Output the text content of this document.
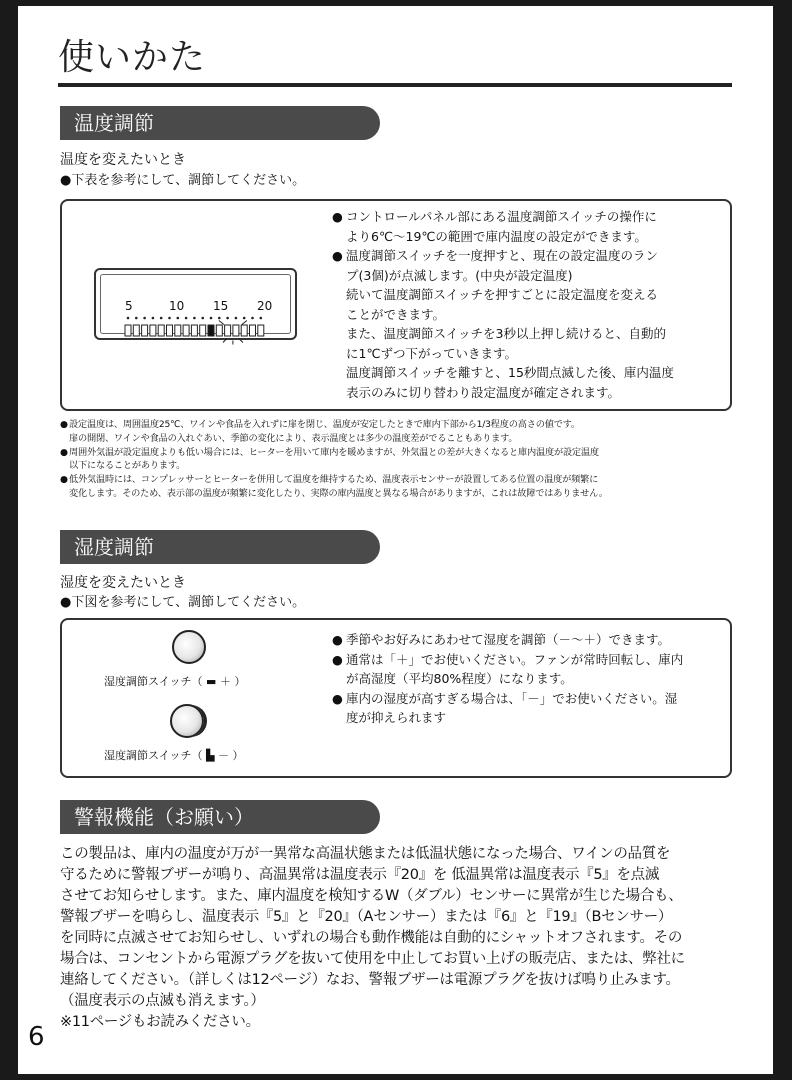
使いかた
温度調節
温度を変えたいとき
●下表を参考にして、調節してください。
5	10 15 20
● コントロールパネル部にある温度調節スイッチの操作に
より6℃～19℃の範囲で庫内温度の設定ができます。
● 温度調節スイッチを一度押すと、現在の設定温度のラン
プ(3個)が点滅します。(中央が設定温度)
続いて温度調節スイッチを押すごとに設定温度を変える
ことができます。
また、温度調節スイッチを3秒以上押し続けると、自動的
に1℃ずつ下がっていきます。
温度調節スイッチを離すと、15秒間点滅した後、庫内温度
表示のみに切り替わり設定温度が確定されます。
● 設定温度は、周囲温度25℃、ワインや食品を入れずに扉を閉じ、温度が安定したときで庫内下部から1/3程度の高さの値です。
扉の開閉、ワインや食品の入れぐあい、季節の変化により、表示温度とは多少の温度差がでることもあります。
● 周囲外気温が設定温度よりも低い場合には、ヒーターを用いて庫内を暖めますが、外気温との差が大きくなると庫内温度が設定温度
以下になることがあります。
● 低外気温時には、コンプレッサーとヒーターを併用して温度を維持するため、温度表示センサーが設置してある位置の温度が頻繁に
変化します。そのため、表示部の温度が頻繁に変化したり、実際の庫内温度と異なる場合がありますが、これは故障ではありません。
湿度調節
湿度を変えたいとき
●下図を参考にして、調節してください。
湿度調節スイッチ（ ▬ ＋ ）
湿度調節スイッチ（ ▙ － ）
● 季節やお好みにあわせて湿度を調節（－～＋）できます。
● 通常は「＋」でお使いください。ファンが常時回転し、庫内
が高湿度（平均80%程度）になります。
● 庫内の湿度が高すぎる場合は、「－」でお使いください。湿
度が抑えられます
警報機能（お願い）
この製品は、庫内の温度が万が一異常な高温状態または低温状態になった場合、ワインの品質を
守るために警報ブザーが鳴り、高温異常は温度表示『20』を 低温異常は温度表示『5』を点滅
させてお知らせします。また、庫内温度を検知するW（ダブル）センサーに異常が生じた場合も、
警報ブザーを鳴らし、温度表示『5』と『20』（Aセンサー）または『6』と『19』（Bセンサー）
を同時に点滅させてお知らせし、いずれの場合も動作機能は自動的にシャットオフされます。その
場合は、コンセントから電源プラグを抜いて使用を中止してお買い上げの販売店、または、弊社に
連絡してください。（詳しくは12ページ）なお、警報ブザーは電源プラグを抜けば鳴り止みます。
（温度表示の点滅も消えます。）
※11ページもお読みください。
6
